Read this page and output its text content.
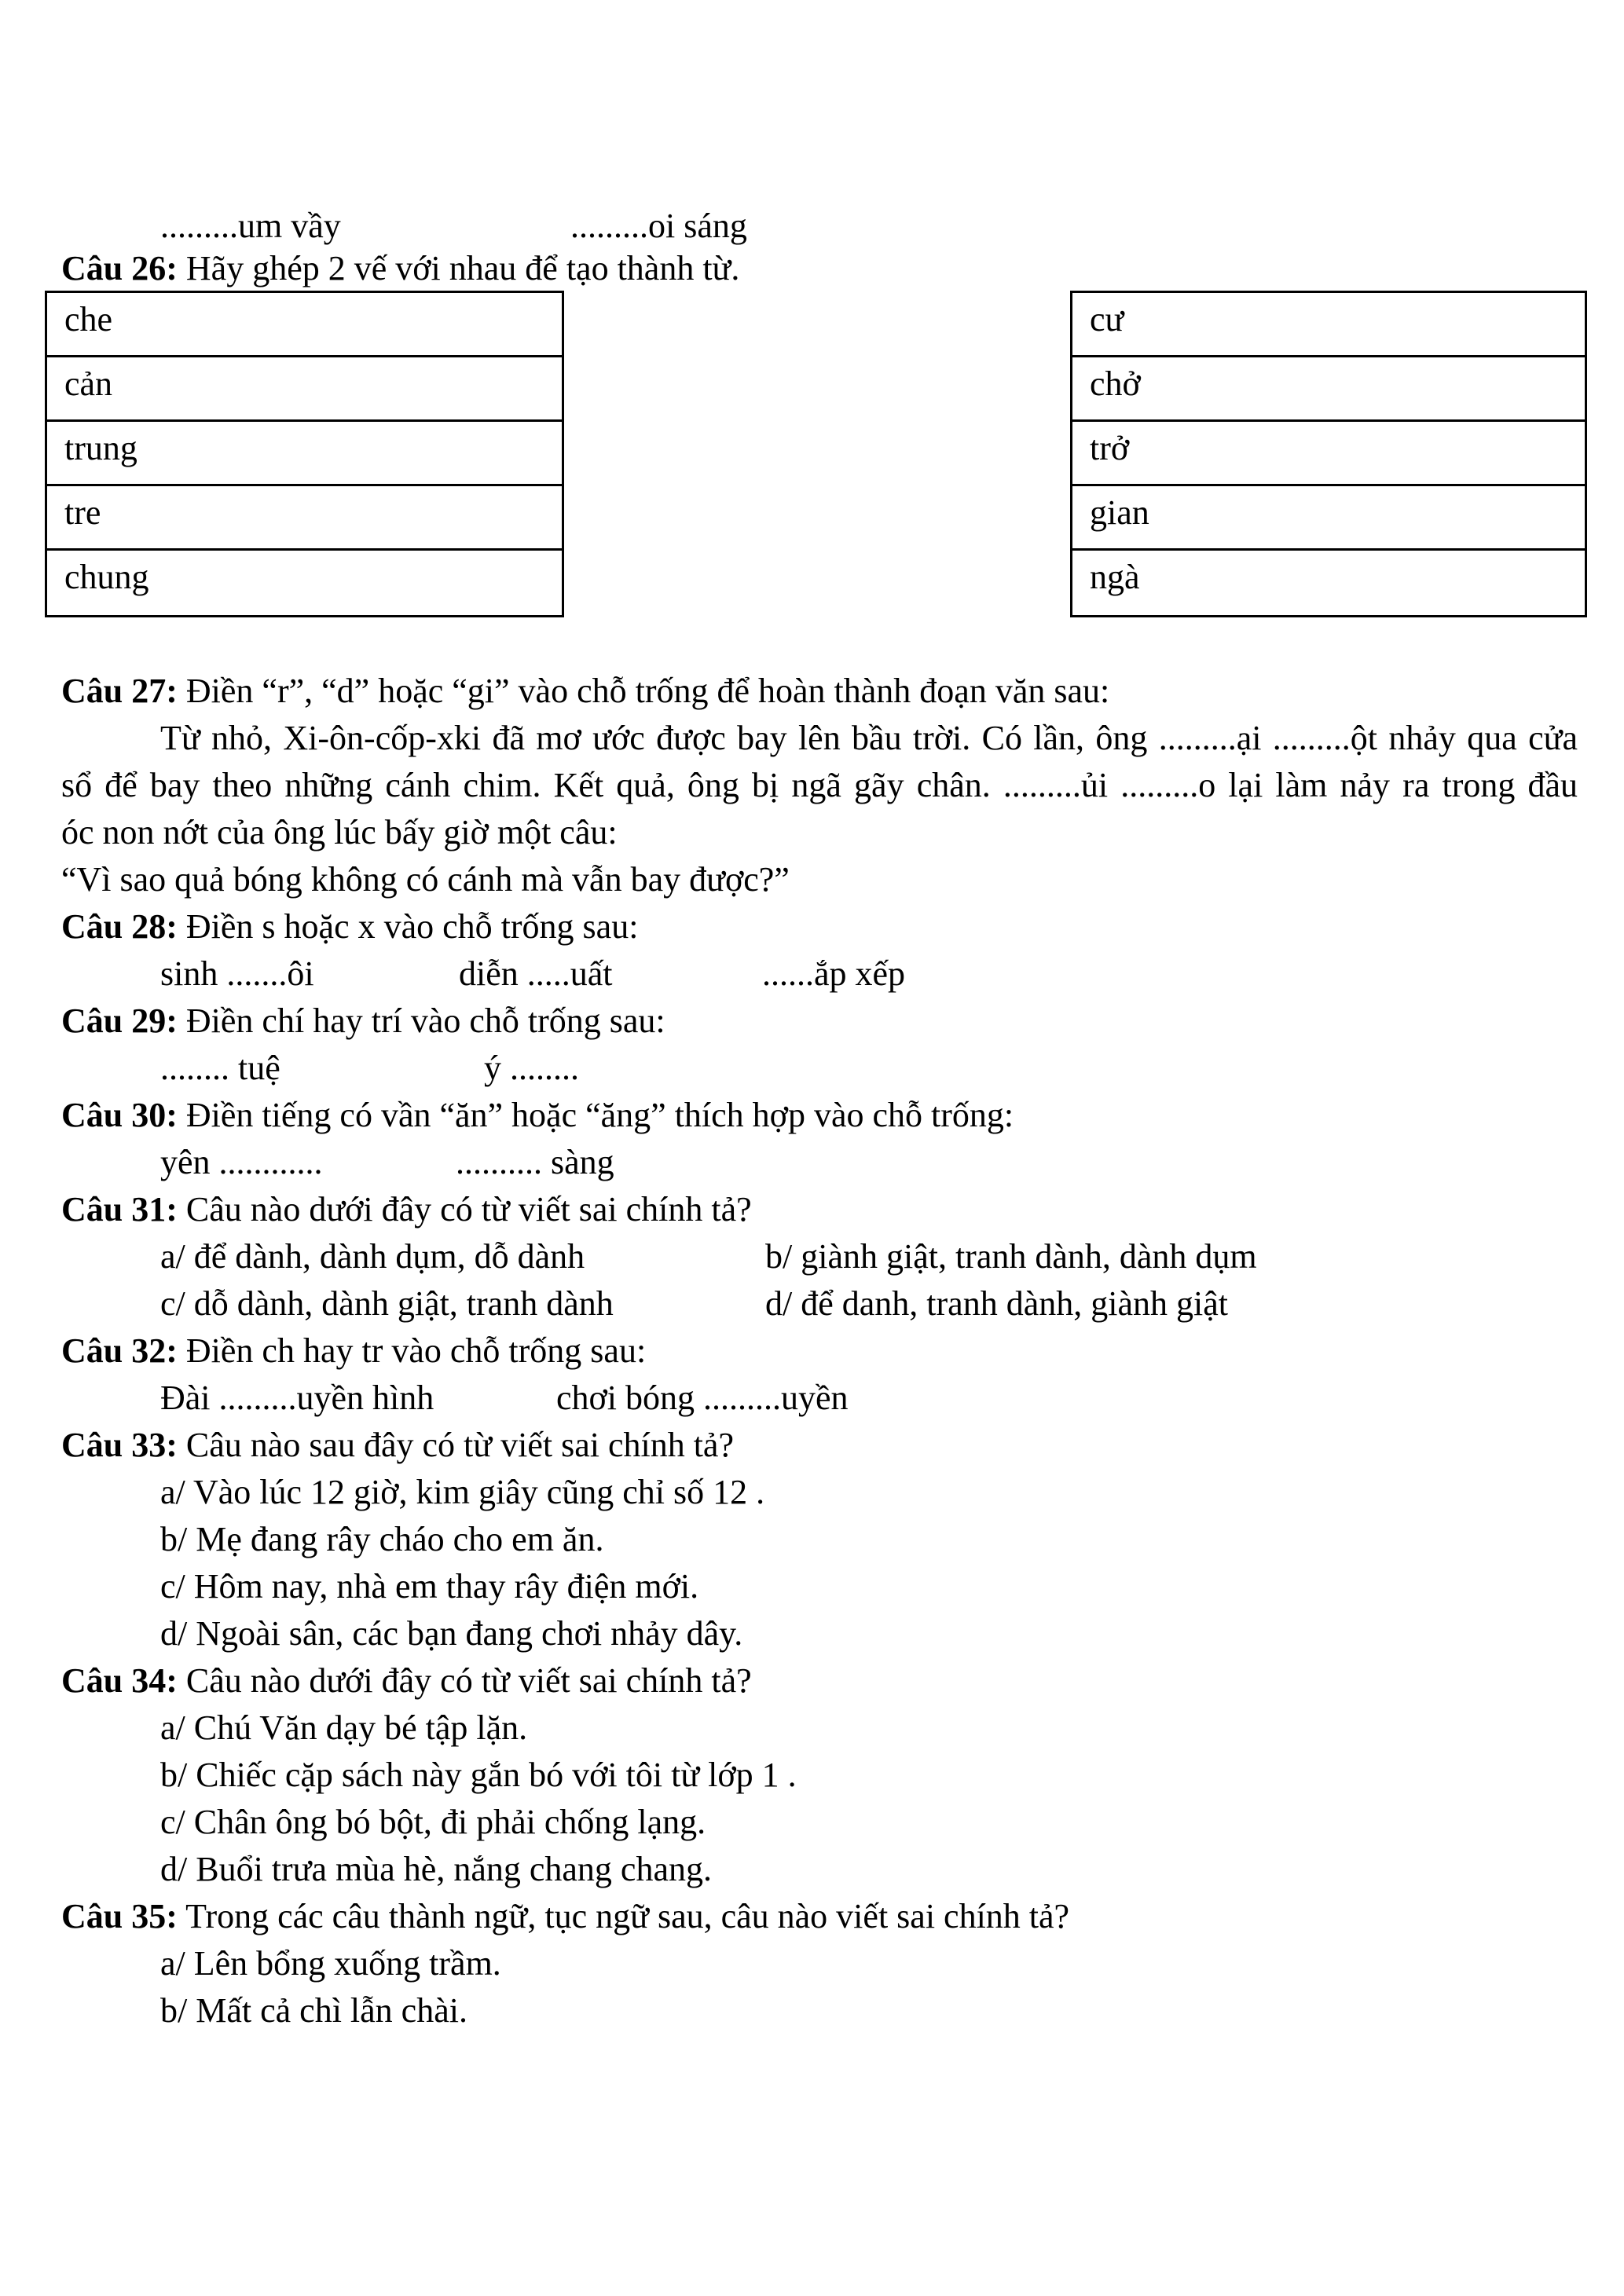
.........um vầy	.........oi sáng
Câu 26: Hãy ghép 2 vế với nhau để tạo thành từ.
Câu 27: Điền “r”, “d” hoặc “gi” vào chỗ trống để hoàn thành đoạn văn sau:
Từ nhỏ, Xi-ôn-cốp-xki đã mơ ước được bay lên bầu trời. Có lần, ông .........ại .........ột nhảy qua cửa
sổ để bay theo những cánh chim. Kết quả, ông bị ngã gãy chân. .........ủi .........o lại làm nảy ra trong đầu
óc non nớt của ông lúc bấy giờ một câu:
“Vì sao quả bóng không có cánh mà vẫn bay được?”
Câu 28: Điền s hoặc x vào chỗ trống sau:
sinh .......ôi	diễn .....uất	......ắp xếp
Câu 29: Điền chí hay trí vào chỗ trống sau:
........ tuệ	ý ........
Câu 30: Điền tiếng có vần “ăn” hoặc “ăng” thích hợp vào chỗ trống:
yên ............	.......... sàng
Câu 31: Câu nào dưới đây có từ viết sai chính tả?
a/ để dành, dành dụm, dỗ dành	b/ giành giật, tranh dành, dành dụm
c/ dỗ dành, dành giật, tranh dành	d/ để danh, tranh dành, giành giật
Câu 32: Điền ch hay tr vào chỗ trống sau:
Đài .........uyền hình	chơi bóng .........uyền
Câu 33: Câu nào sau đây có từ viết sai chính tả?
a/ Vào lúc 12 giờ, kim giây cũng chỉ số 12 .
b/ Mẹ đang rây cháo cho em ăn.
c/ Hôm nay, nhà em thay rây điện mới.
d/ Ngoài sân, các bạn đang chơi nhảy dây.
Câu 34: Câu nào dưới đây có từ viết sai chính tả?
a/ Chú Văn dạy bé tập lặn.
b/ Chiếc cặp sách này gắn bó với tôi từ lớp 1 .
c/ Chân ông bó bột, đi phải chống lạng.
d/ Buổi trưa mùa hè, nắng chang chang.
Câu 35: Trong các câu thành ngữ, tục ngữ sau, câu nào viết sai chính tả?
a/ Lên bổng xuống trầm.
b/ Mất cả chì lẫn chài.
che
cản
trung
tre
chung
cư
chở
trở
gian
ngà
